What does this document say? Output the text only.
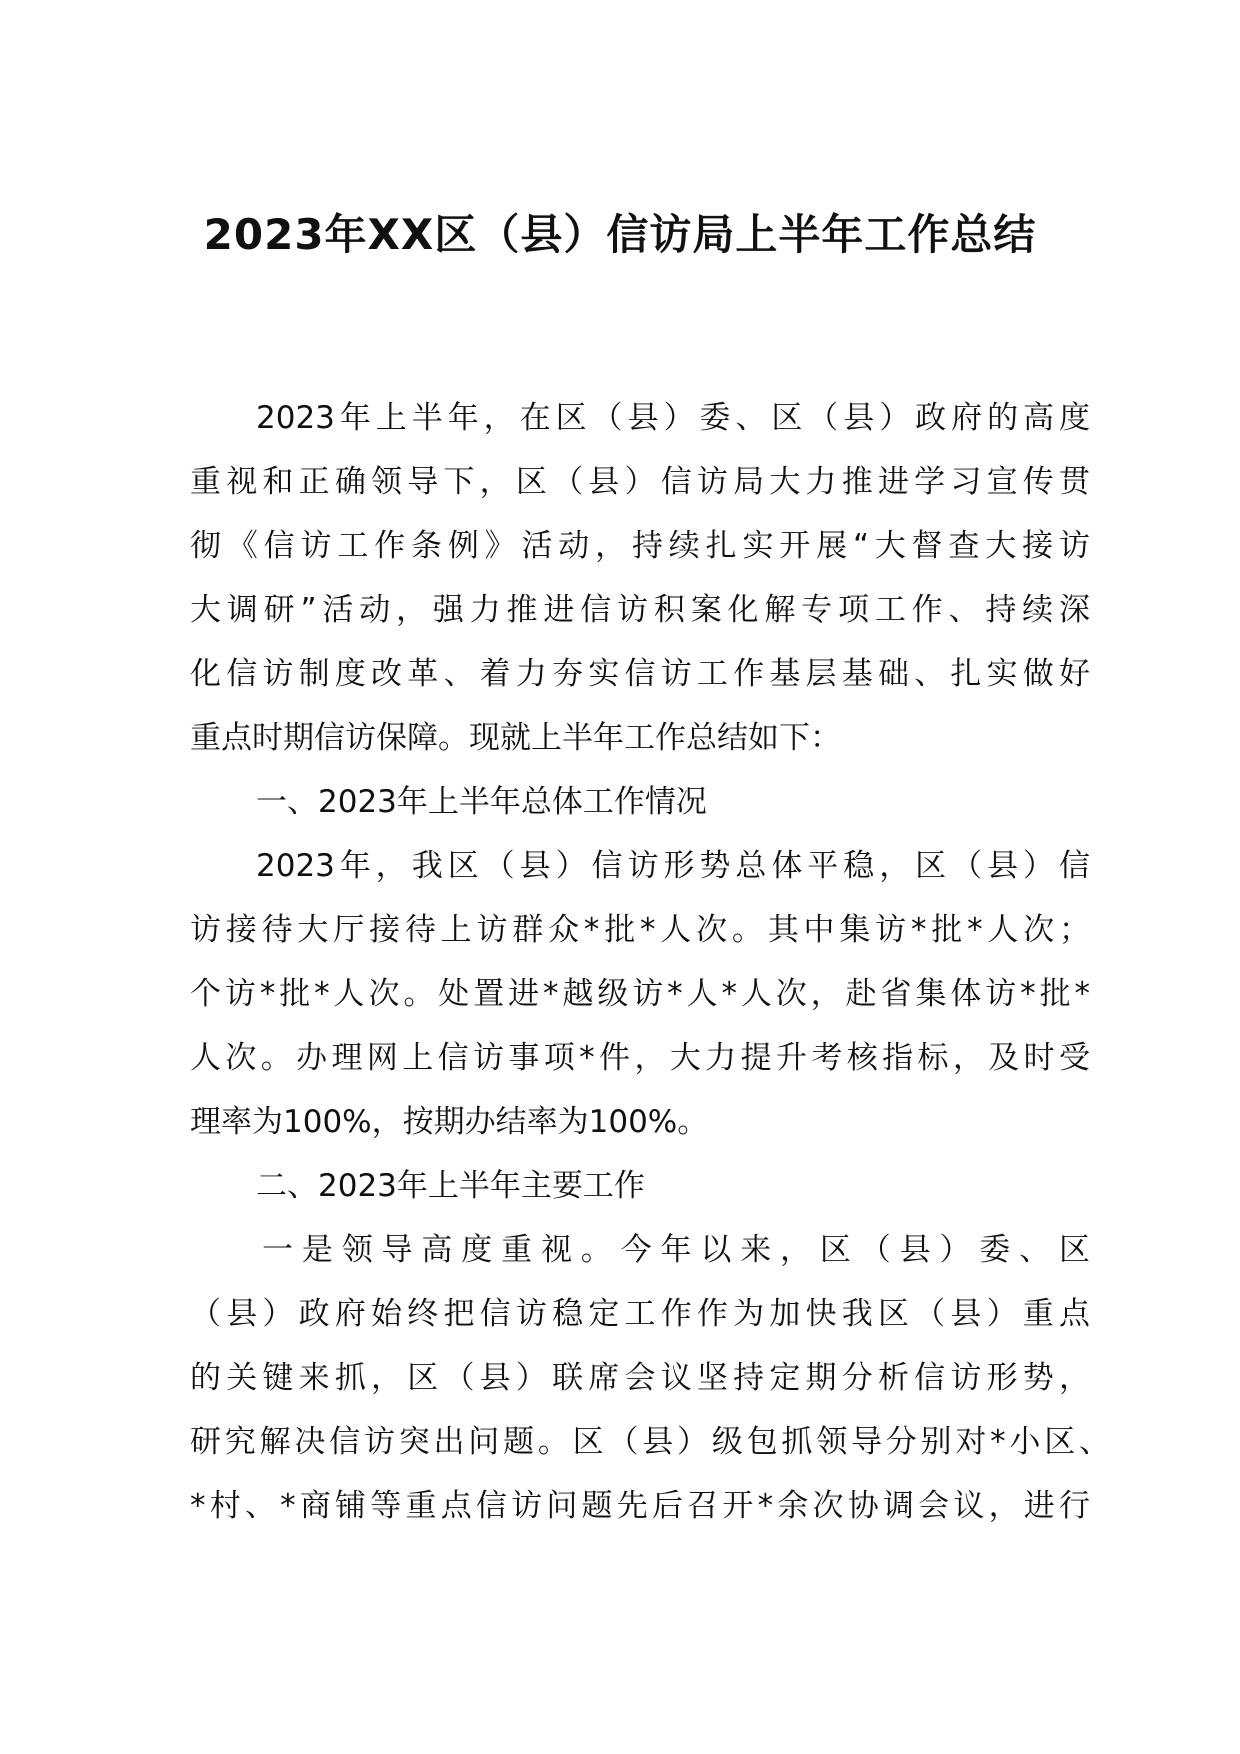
2023年XX区（县）信访局上半年工作总结
2023年上半年，在区（县）委、区（县）政府的高度
重视和正确领导下，区（县）信访局大力推进学习宣传贯
彻《信访工作条例》活动，持续扎实开展“大督查大接访
大调研”活动，强力推进信访积案化解专项工作、持续深
化信访制度改革、着力夯实信访工作基层基础、扎实做好
重点时期信访保障。现就上半年工作总结如下：
一、2023年上半年总体工作情况
2023年，我区（县）信访形势总体平稳，区（县）信
访接待大厅接待上访群众*批*人次。其中集访*批*人次；
个访*批*人次。处置进*越级访*人*人次，赴省集体访*批*
人次。办理网上信访事项*件，大力提升考核指标，及时受
理率为100%，按期办结率为100%。
二、2023年上半年主要工作
一是领导高度重视。今年以来，区（县）委、区
（县）政府始终把信访稳定工作作为加快我区（县）重点
的关键来抓，区（县）联席会议坚持定期分析信访形势，
研究解决信访突出问题。区（县）级包抓领导分别对*小区、
*村、*商铺等重点信访问题先后召开*余次协调会议，进行
